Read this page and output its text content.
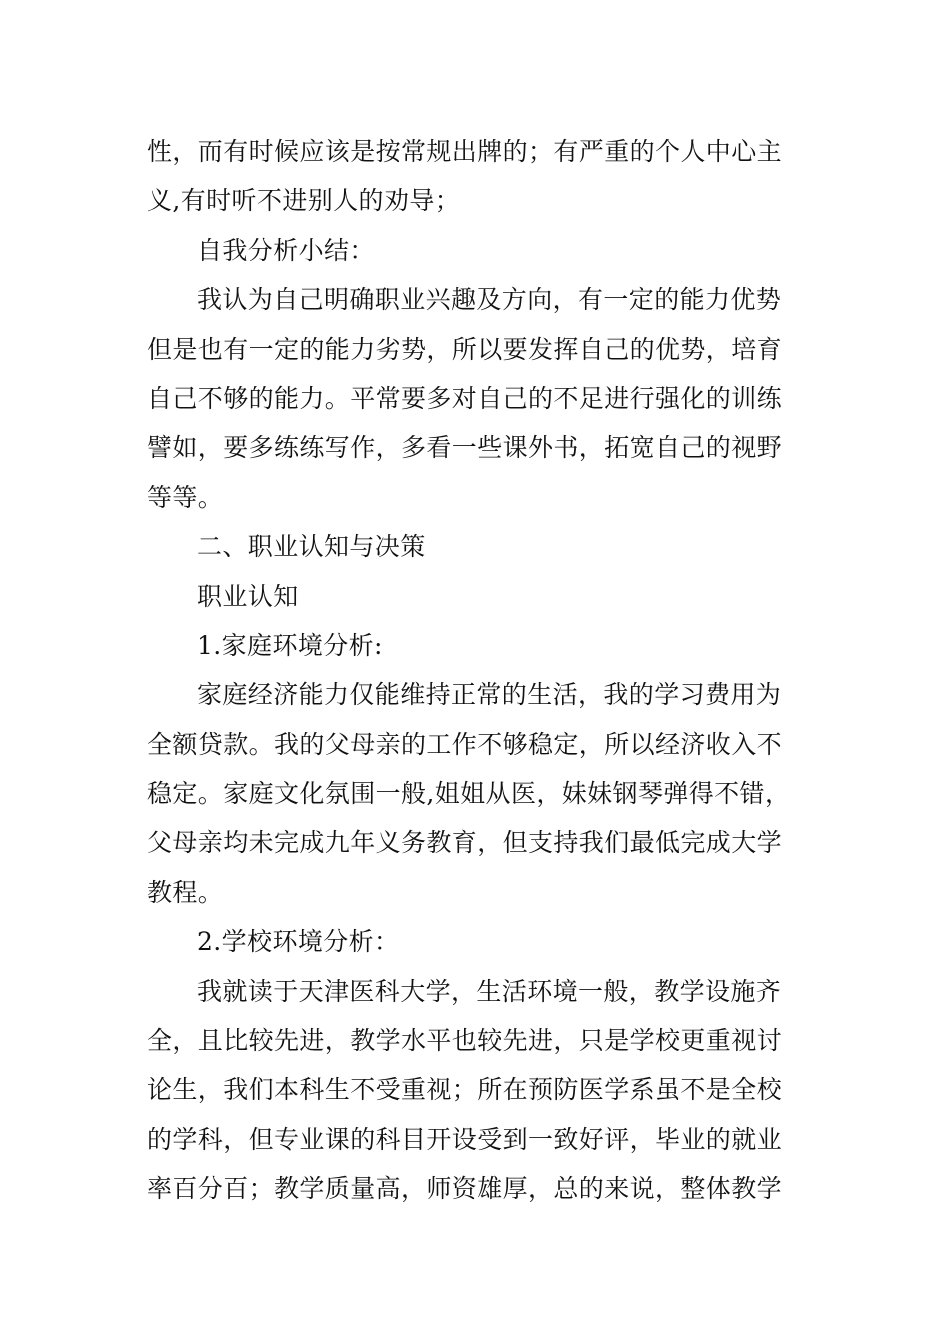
性，而有时候应该是按常规出牌的；有严重的个人中心主
义,有时听不进别人的劝导；
自我分析小结：
我认为自己明确职业兴趣及方向，有一定的能力优势
但是也有一定的能力劣势，所以要发挥自己的优势，培育
自己不够的能力。平常要多对自己的不足进行强化的训练
譬如，要多练练写作，多看一些课外书，拓宽自己的视野
等等。
二、职业认知与决策
职业认知
1.家庭环境分析:
家庭经济能力仅能维持正常的生活，我的学习费用为
全额贷款。我的父母亲的工作不够稳定，所以经济收入不
稳定。家庭文化氛围一般,姐姐从医，妹妹钢琴弹得不错，
父母亲均未完成九年义务教育，但支持我们最低完成大学
教程。
2.学校环境分析：
我就读于天津医科大学，生活环境一般，教学设施齐
全，且比较先进，教学水平也较先进，只是学校更重视讨
论生，我们本科生不受重视；所在预防医学系虽不是全校
的学科，但专业课的科目开设受到一致好评，毕业的就业
率百分百；教学质量高，师资雄厚，总的来说，整体教学
